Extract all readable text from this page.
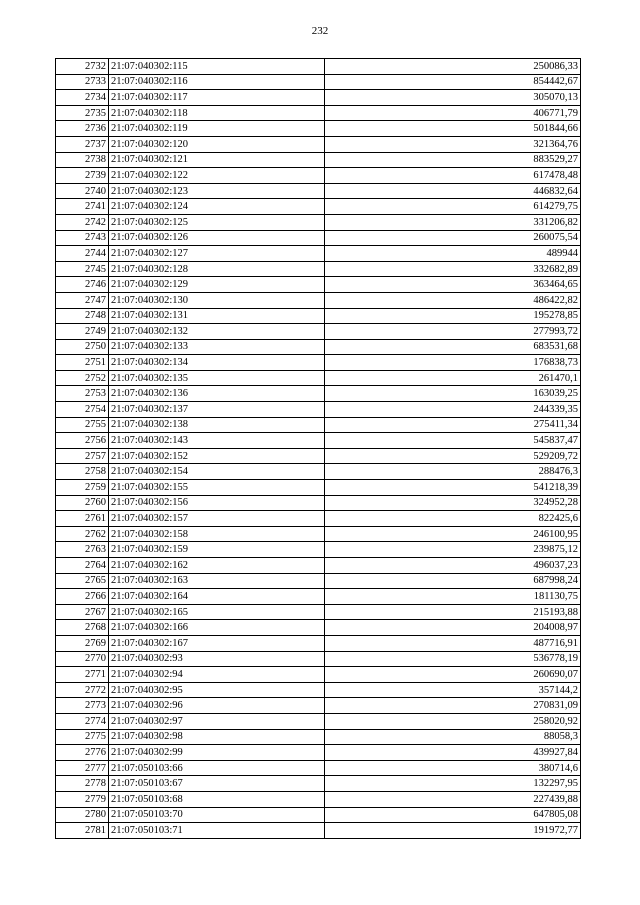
232
2732	21:07:040302:115	250086,33
2733	21:07:040302:116	854442,67
2734	21:07:040302:117	305070,13
2735	21:07:040302:118	406771,79
2736	21:07:040302:119	501844,66
2737	21:07:040302:120	321364,76
2738	21:07:040302:121	883529,27
2739	21:07:040302:122	617478,48
2740	21:07:040302:123	446832,64
2741	21:07:040302:124	614279,75
2742	21:07:040302:125	331206,82
2743	21:07:040302:126	260075,54
2744	21:07:040302:127	489944
2745	21:07:040302:128	332682,89
2746	21:07:040302:129	363464,65
2747	21:07:040302:130	486422,82
2748	21:07:040302:131	195278,85
2749	21:07:040302:132	277993,72
2750	21:07:040302:133	683531,68
2751	21:07:040302:134	176838,73
2752	21:07:040302:135	261470,1
2753	21:07:040302:136	163039,25
2754	21:07:040302:137	244339,35
2755	21:07:040302:138	275411,34
2756	21:07:040302:143	545837,47
2757	21:07:040302:152	529209,72
2758	21:07:040302:154	288476,3
2759	21:07:040302:155	541218,39
2760	21:07:040302:156	324952,28
2761	21:07:040302:157	822425,6
2762	21:07:040302:158	246100,95
2763	21:07:040302:159	239875,12
2764	21:07:040302:162	496037,23
2765	21:07:040302:163	687998,24
2766	21:07:040302:164	181130,75
2767	21:07:040302:165	215193,88
2768	21:07:040302:166	204008,97
2769	21:07:040302:167	487716,91
2770	21:07:040302:93	536778,19
2771	21:07:040302:94	260690,07
2772	21:07:040302:95	357144,2
2773	21:07:040302:96	270831,09
2774	21:07:040302:97	258020,92
2775	21:07:040302:98	88058,3
2776	21:07:040302:99	439927,84
2777	21:07:050103:66	380714,6
2778	21:07:050103:67	132297,95
2779	21:07:050103:68	227439,88
2780	21:07:050103:70	647805,08
2781	21:07:050103:71	191972,77
